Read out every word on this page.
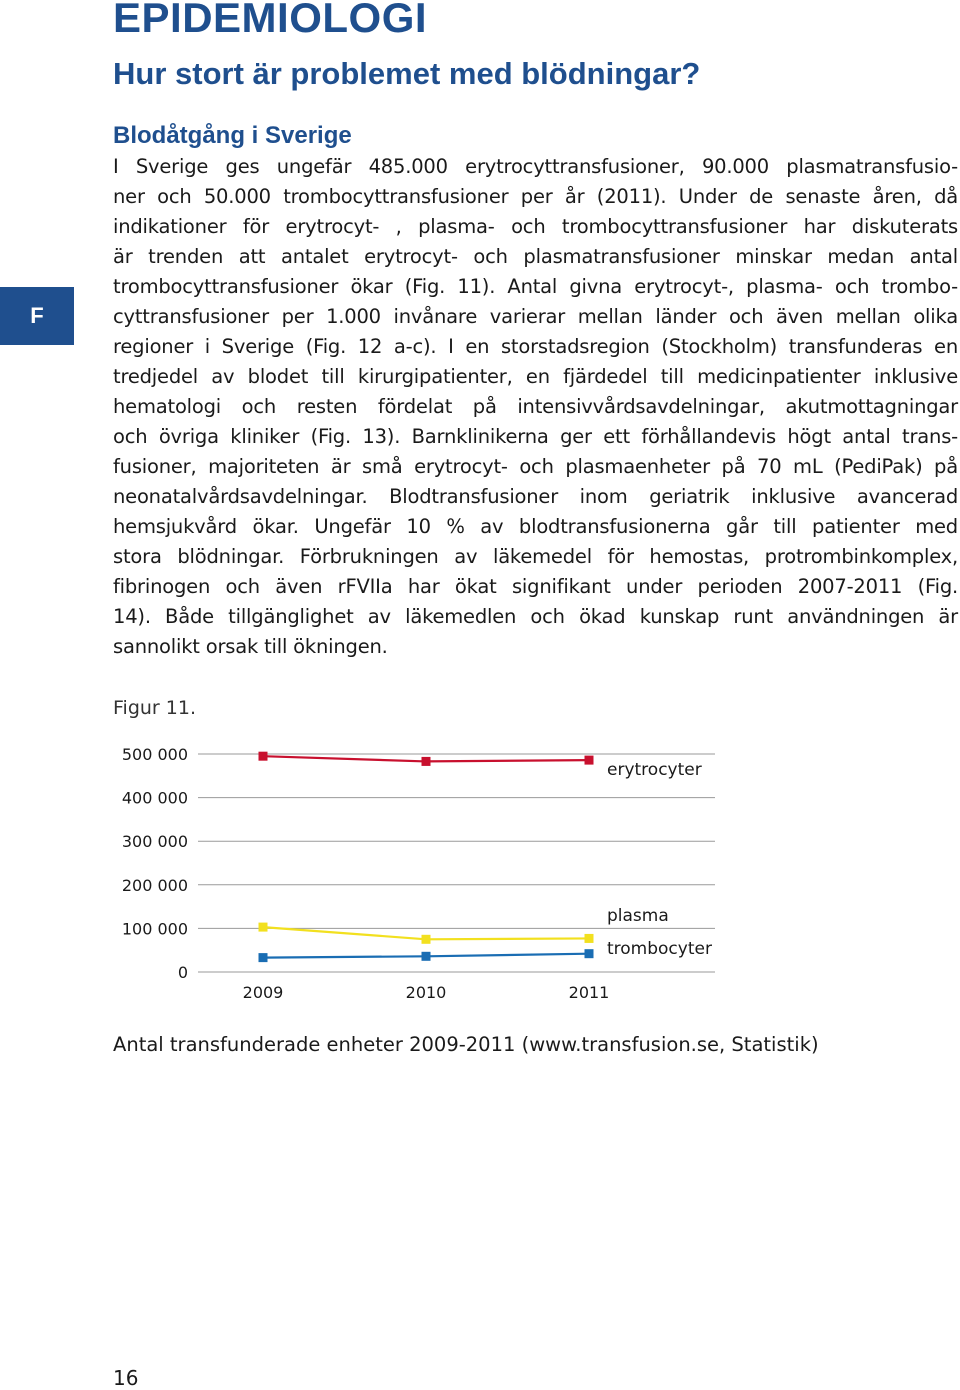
F
EPIDEMIOLOGI
Hur stort är problemet med blödningar?
Blodåtgång i Sverige
I Sverige ges ungefär 485.000 erytrocyttransfusioner, 90.000 plasmatransfusio-
ner och 50.000 trombocyttransfusioner per år (2011). Under de senaste åren, då
indikationer för erytrocyt- , plasma- och trombocyttransfusioner har diskuterats
är trenden att antalet erytrocyt- och plasmatransfusioner minskar medan antal
trombocyttransfusioner ökar (Fig. 11). Antal givna erytrocyt-, plasma- och trombo-
cyttransfusioner per 1.000 invånare varierar mellan länder och även mellan olika
regioner i Sverige (Fig. 12 a-c). I en storstadsregion (Stockholm) transfunderas en
tredjedel av blodet till kirurgipatienter, en fjärdedel till medicinpatienter inklusive
hematologi och resten fördelat på intensivvårdsavdelningar, akutmottagningar
och övriga kliniker (Fig. 13). Barnklinikerna ger ett förhållandevis högt antal trans-
fusioner, majoriteten är små erytrocyt- och plasmaenheter på 70 mL (PediPak) på
neonatalvårdsavdelningar. Blodtransfusioner inom geriatrik inklusive avancerad
hemsjukvård ökar. Ungefär 10 % av blodtransfusionerna går till patienter med
stora blödningar. Förbrukningen av läkemedel för hemostas, protrombinkomplex,
fibrinogen och även rFVIIa har ökat signifikant under perioden 2007-2011 (Fig.
14). Både tillgänglighet av läkemedlen och ökad kunskap runt användningen är
sannolikt orsak till ökningen.
Figur 11.
0
100 000
200 000
300 000
400 000
500 000
2009	2010	2011
erytrocyter
plasma
trombocyter
Antal transfunderade enheter 2009-2011 (www.transfusion.se, Statistik)
16
